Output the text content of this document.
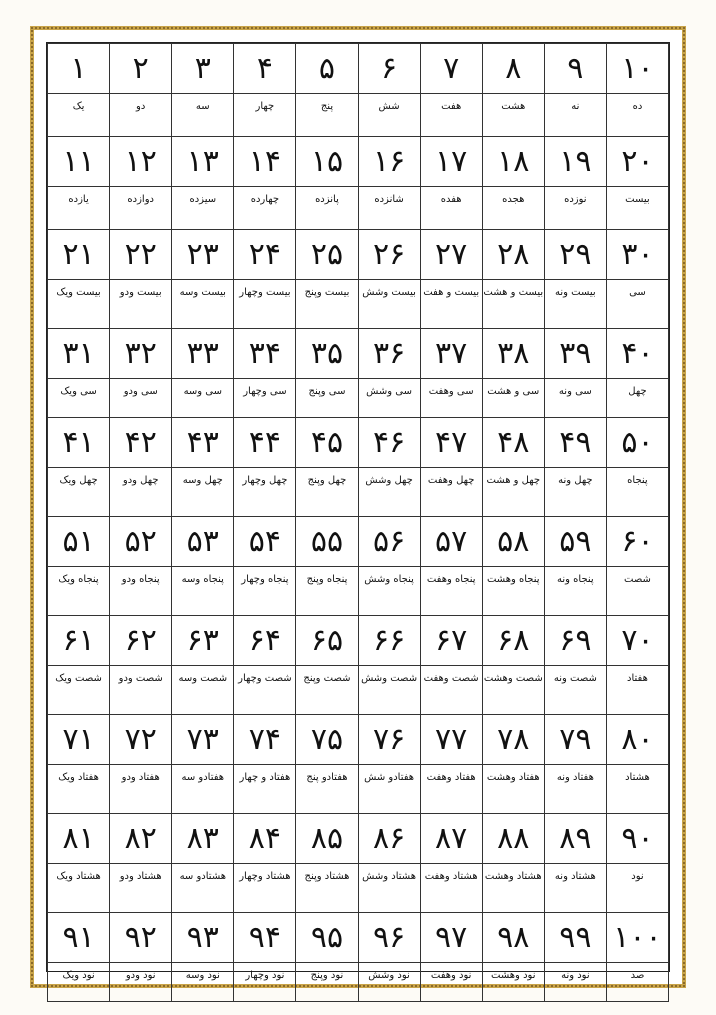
۱۰	۹	۸	۷	۶	۵	۴	۳	۲	۱
ده	نه	هشت	هفت	شش	پنج	چهار	سه	دو	یک
۲۰	۱۹	۱۸	۱۷	۱۶	۱۵	۱۴	۱۳	۱۲	۱۱
بیست	نوزده	هجده	هفده	شانزده	پانزده	چهارده	سیزده	دوازده	یازده
۳۰	۲۹	۲۸	۲۷	۲۶	۲۵	۲۴	۲۳	۲۲	۲۱
سی	بیست ونه	بیست و هشت	بیست و هفت	بیست وشش	بیست وپنج	بیست وچهار	بیست وسه	بیست ودو	بیست ویک
۴۰	۳۹	۳۸	۳۷	۳۶	۳۵	۳۴	۳۳	۳۲	۳۱
چهل	سی ونه	سی و هشت	سی وهفت	سی وشش	سی وپنج	سی وچهار	سی وسه	سی ودو	سی ویک
۵۰	۴۹	۴۸	۴۷	۴۶	۴۵	۴۴	۴۳	۴۲	۴۱
پنجاه	چهل ونه	چهل و هشت	چهل وهفت	چهل وشش	چهل وپنج	چهل وچهار	چهل وسه	چهل ودو	چهل ویک
۶۰	۵۹	۵۸	۵۷	۵۶	۵۵	۵۴	۵۳	۵۲	۵۱
شصت	پنجاه ونه	پنجاه وهشت	پنجاه وهفت	پنجاه وشش	پنجاه وپنج	پنجاه وچهار	پنجاه وسه	پنجاه ودو	پنجاه ویک
۷۰	۶۹	۶۸	۶۷	۶۶	۶۵	۶۴	۶۳	۶۲	۶۱
هفتاد	شصت ونه	شصت وهشت	شصت وهفت	شصت وشش	شصت وپنج	شصت وچهار	شصت وسه	شصت ودو	شصت ویک
۸۰	۷۹	۷۸	۷۷	۷۶	۷۵	۷۴	۷۳	۷۲	۷۱
هشتاد	هفتاد ونه	هفتاد وهشت	هفتاد وهفت	هفتادو شش	هفتادو پنج	هفتاد و چهار	هفتادو سه	هفتاد ودو	هفتاد ویک
۹۰	۸۹	۸۸	۸۷	۸۶	۸۵	۸۴	۸۳	۸۲	۸۱
نود	هشتاد ونه	هشتاد وهشت	هشتاد وهفت	هشتاد وشش	هشتاد وپنج	هشتاد وچهار	هشتادو سه	هشتاد ودو	هشتاد ویک
۱۰۰	۹۹	۹۸	۹۷	۹۶	۹۵	۹۴	۹۳	۹۲	۹۱
صد	نود ونه	نود وهشت	نود وهفت	نود وشش	نود وپنج	نود وچهار	نود وسه	نود ودو	نود ویک
